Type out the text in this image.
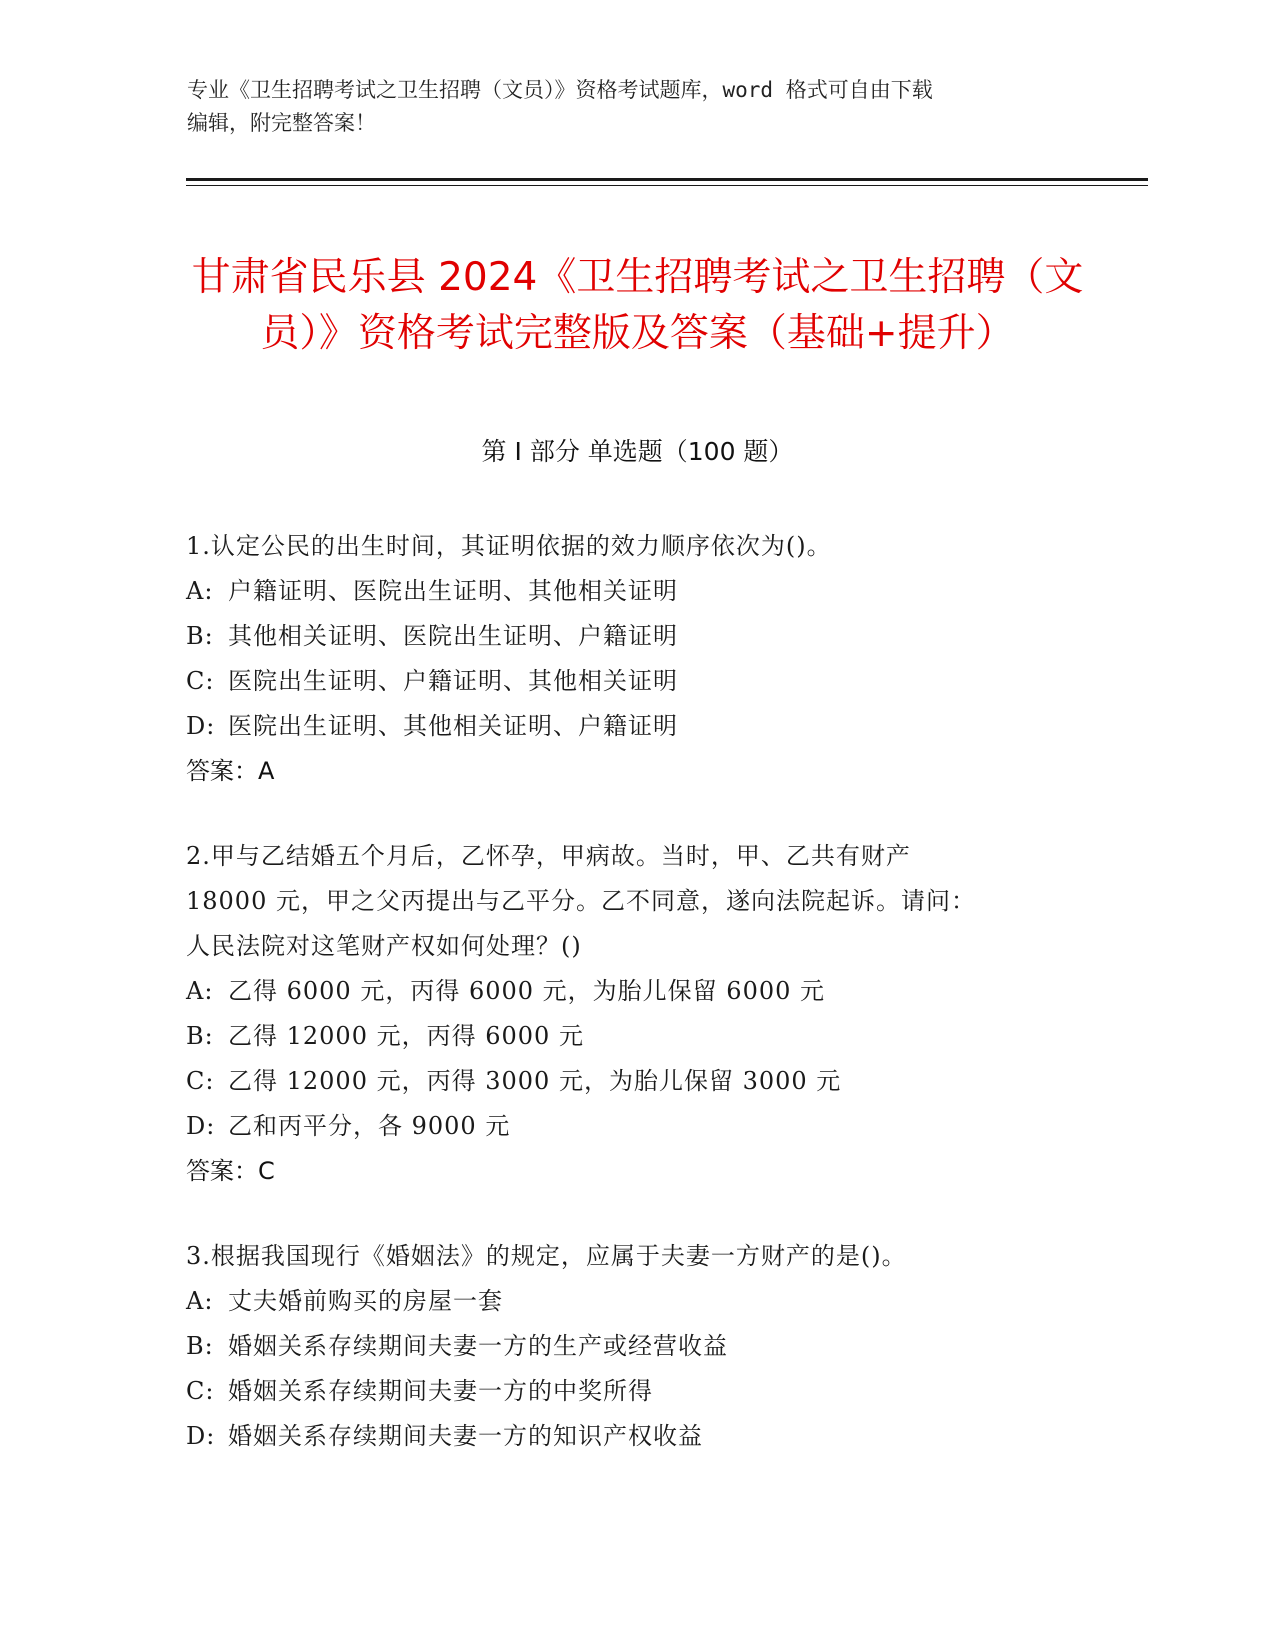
专业《卫生招聘考试之卫生招聘（文员）》资格考试题库，word 格式可自由下载
编辑，附完整答案！
甘肃省民乐县 2024《卫生招聘考试之卫生招聘（文员）》资格考试完整版及答案（基础+提升）
第 I 部分 单选题（100 题）
1.认定公民的出生时间，其证明依据的效力顺序依次为()。
A: 户籍证明、医院出生证明、其他相关证明
B: 其他相关证明、医院出生证明、户籍证明
C: 医院出生证明、户籍证明、其他相关证明
D: 医院出生证明、其他相关证明、户籍证明
答案：A
2.甲与乙结婚五个月后，乙怀孕，甲病故。当时，甲、乙共有财产
18000 元，甲之父丙提出与乙平分。乙不同意，遂向法院起诉。请问：
人民法院对这笔财产权如何处理？()
A: 乙得 6000 元，丙得 6000 元，为胎儿保留 6000 元
B: 乙得 12000 元，丙得 6000 元
C: 乙得 12000 元，丙得 3000 元，为胎儿保留 3000 元
D: 乙和丙平分，各 9000 元
答案：C
3.根据我国现行《婚姻法》的规定，应属于夫妻一方财产的是()。
A: 丈夫婚前购买的房屋一套
B: 婚姻关系存续期间夫妻一方的生产或经营收益
C: 婚姻关系存续期间夫妻一方的中奖所得
D: 婚姻关系存续期间夫妻一方的知识产权收益
